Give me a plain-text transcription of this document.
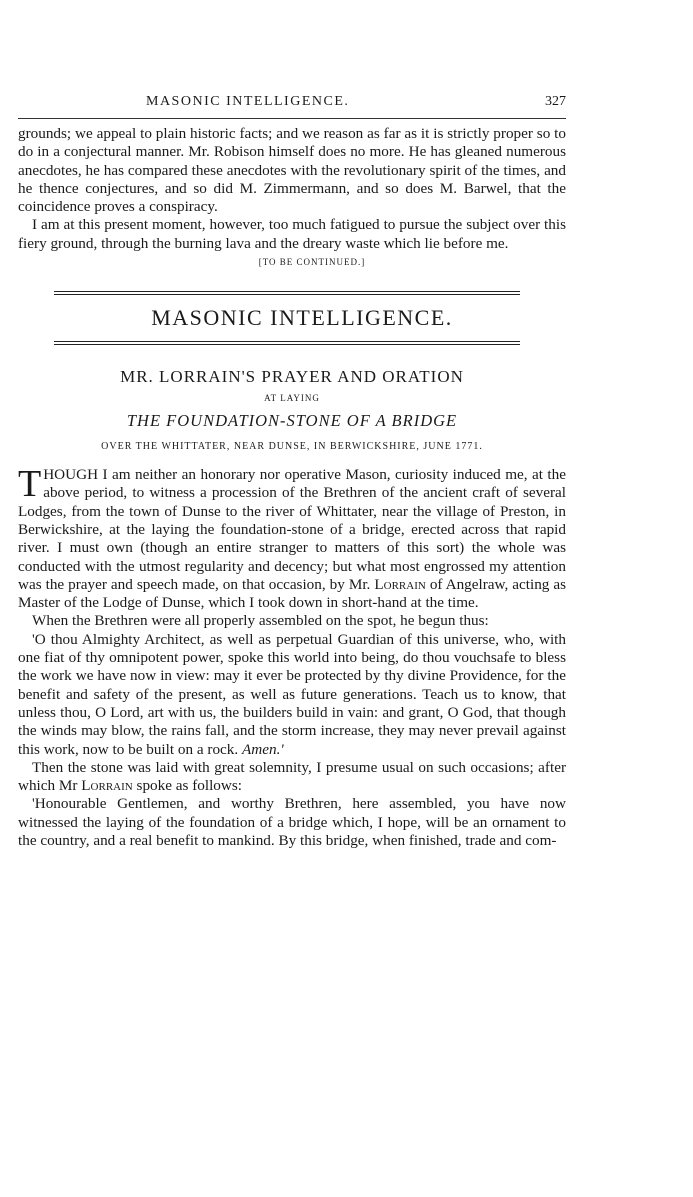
MASONIC INTELLIGENCE.	327

grounds; we appeal to plain historic facts; and we reason as far as it is strictly proper so to do in a conjectural manner. Mr. Robison himself does no more. He has gleaned numerous anecdotes, he has compared these anecdotes with the revolutionary spirit of the times, and he thence conjectures, and so did M. Zimmermann, and so does M. Barwel, that the coincidence proves a conspiracy.

I am at this present moment, however, too much fatigued to pursue the subject over this fiery ground, through the burning lava and the dreary waste which lie before me.

[TO BE CONTINUED.]
MASONIC INTELLIGENCE.
MR. LORRAIN'S PRAYER AND ORATION
AT LAYING
THE FOUNDATION-STONE OF A BRIDGE
OVER THE WHITTATER, NEAR DUNSE, IN BERWICKSHIRE, JUNE 1771.

THOUGH I am neither an honorary nor operative Mason, curiosity induced me, at the above period, to witness a procession of the Brethren of the ancient craft of several Lodges, from the town of Dunse to the river of Whittater, near the village of Preston, in Berwickshire, at the laying the foundation-stone of a bridge, erected across that rapid river. I must own (though an entire stranger to matters of this sort) the whole was conducted with the utmost regularity and decency; but what most engrossed my attention was the prayer and speech made, on that occasion, by Mr. Lorrain of Angelraw, acting as Master of the Lodge of Dunse, which I took down in short-hand at the time.

When the Brethren were all properly assembled on the spot, he begun thus:

'O thou Almighty Architect, as well as perpetual Guardian of this universe, who, with one fiat of thy omnipotent power, spoke this world into being, do thou vouchsafe to bless the work we have now in view: may it ever be protected by thy divine Providence, for the benefit and safety of the present, as well as future generations. Teach us to know, that unless thou, O Lord, art with us, the builders build in vain: and grant, O God, that though the winds may blow, the rains fall, and the storm increase, they may never prevail against this work, now to be built on a rock. Amen.'

Then the stone was laid with great solemnity, I presume usual on such occasions; after which Mr Lorrain spoke as follows:

'Honourable Gentlemen, and worthy Brethren, here assembled, you have now witnessed the laying of the foundation of a bridge which, I hope, will be an ornament to the country, and a real benefit to mankind. By this bridge, when finished, trade and com-
